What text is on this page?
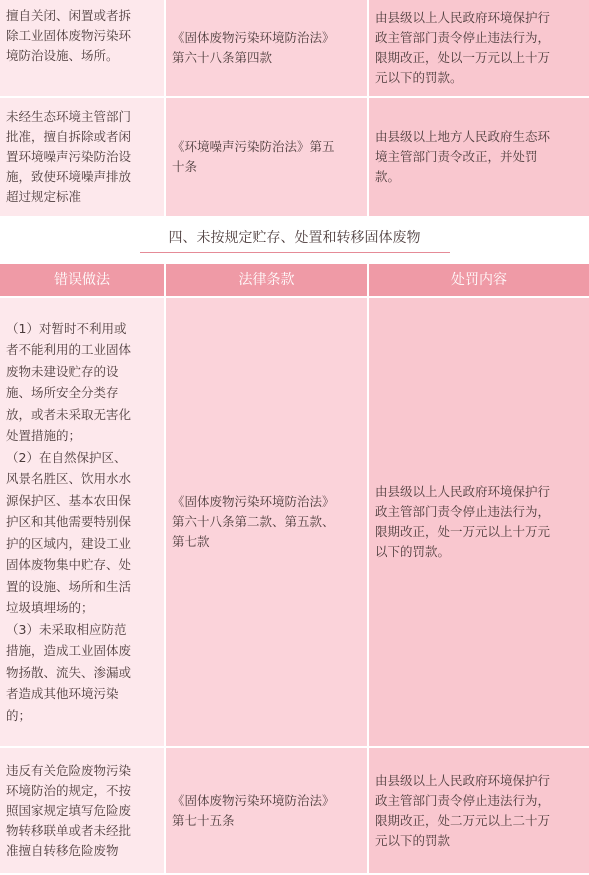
擅自关闭、闲置或者拆
除工业固体废物污染环
境防治设施、场所。
《固体废物污染环境防治法》
第六十八条第四款
由县级以上人民政府环境保护行
政主管部门责令停止违法行为，
限期改正，处以一万元以上十万
元以下的罚款。
未经生态环境主管部门
批准，擅自拆除或者闲
置环境噪声污染防治设
施，致使环境噪声排放
超过规定标准
《环境噪声污染防治法》第五
十条
由县级以上地方人民政府生态环
境主管部门责令改正，并处罚
款。
四、未按规定贮存、处置和转移固体废物
错误做法	法律条款	处罚内容
（1）对暂时不利用或
者不能利用的工业固体
废物未建设贮存的设
施、场所安全分类存
放，或者未采取无害化
处置措施的；
（2）在自然保护区、
风景名胜区、饮用水水
源保护区、基本农田保
护区和其他需要特别保
护的区域内，建设工业
固体废物集中贮存、处
置的设施、场所和生活
垃圾填埋场的；
（3）未采取相应防范
措施，造成工业固体废
物扬散、流失、渗漏或
者造成其他环境污染
的；
《固体废物污染环境防治法》
第六十八条第二款、第五款、
第七款
由县级以上人民政府环境保护行
政主管部门责令停止违法行为，
限期改正，处一万元以上十万元
以下的罚款。
违反有关危险废物污染
环境防治的规定，不按
照国家规定填写危险废
物转移联单或者未经批
准擅自转移危险废物
《固体废物污染环境防治法》
第七十五条
由县级以上人民政府环境保护行
政主管部门责令停止违法行为，
限期改正，处二万元以上二十万
元以下的罚款
